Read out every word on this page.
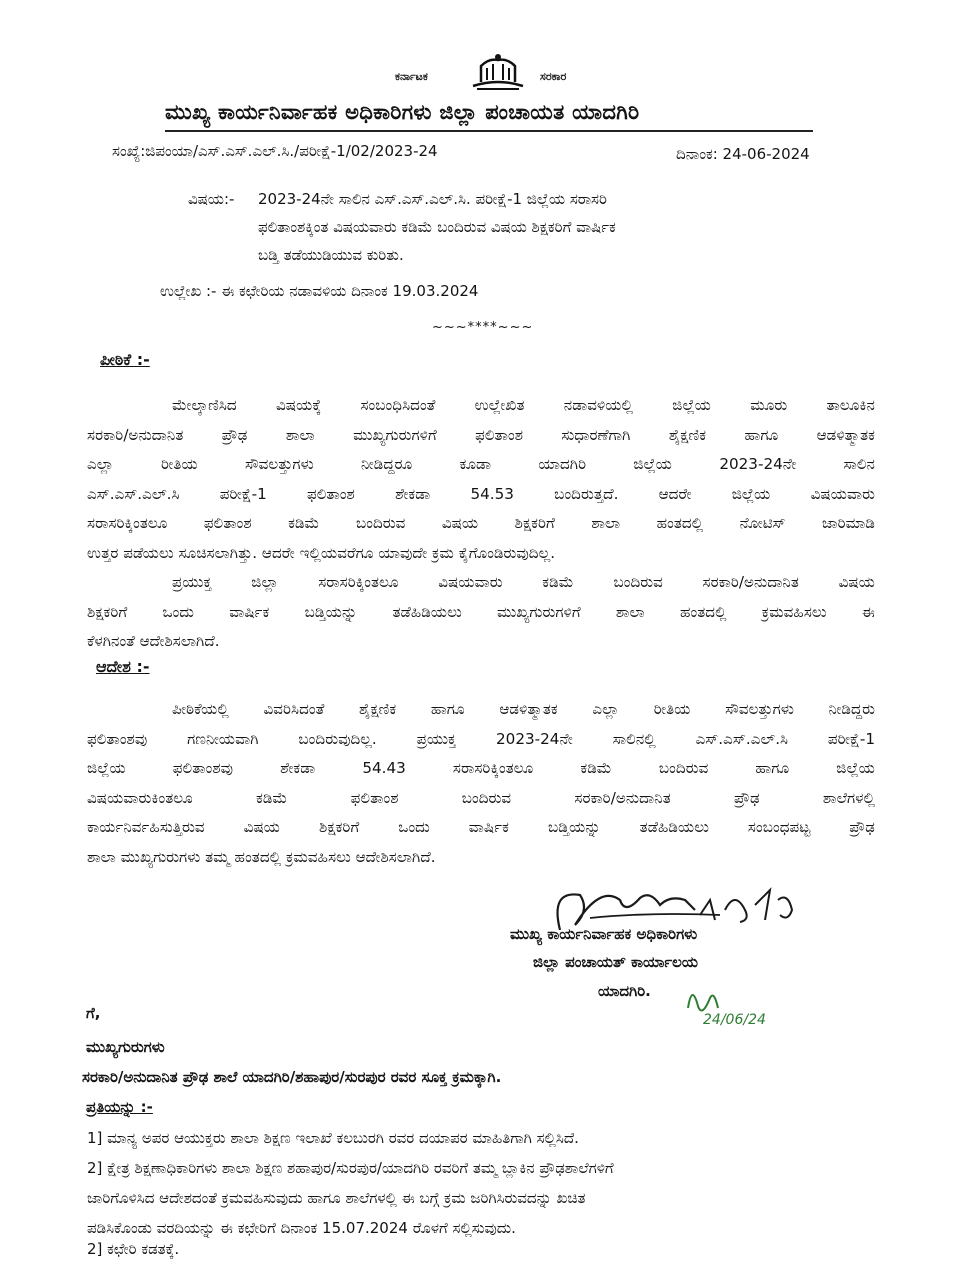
ಕರ್ನಾಟಕ	ಸರಕಾರ
ಮುಖ್ಯ ಕಾರ್ಯನಿರ್ವಾಹಕ ಅಧಿಕಾರಿಗಳು ಜಿಲ್ಲಾ ಪಂಚಾಯತ ಯಾದಗಿರಿ
ಸಂಖ್ಯೆ:ಜಿಪಂಯಾ/ಎಸ್.ಎಸ್.ಎಲ್.ಸಿ./ಪರೀಕ್ಷೆ-1/02/2023-24	ದಿನಾಂಕ: 24-06-2024
ವಿಷಯ:- 2023-24ನೇ ಸಾಲಿನ ಎಸ್.ಎಸ್.ಎಲ್.ಸಿ. ಪರೀಕ್ಷೆ-1 ಜಿಲ್ಲೆಯ ಸರಾಸರಿ
ಫಲಿತಾಂಶಕ್ಕಿಂತ ವಿಷಯವಾರು ಕಡಿಮೆ ಬಂದಿರುವ ವಿಷಯ ಶಿಕ್ಷಕರಿಗೆ ವಾರ್ಷಿಕ
ಬಡ್ತಿ ತಡೆಯುಡಿಯುವ ಕುರಿತು.
ಉಲ್ಲೇಖ :- ಈ ಕಛೇರಿಯ ನಡಾವಳಿಯ ದಿನಾಂಕ 19.03.2024
~~~****~~~
ಪೀಠಿಕೆ :-
ಮೇಲ್ಕಾಣಿಸಿದ ವಿಷಯಕ್ಕೆ ಸಂಬಂಧಿಸಿದಂತೆ ಉಲ್ಲೇಖಿತ ನಡಾವಳಿಯಲ್ಲಿ ಜಿಲ್ಲೆಯ ಮೂರು ತಾಲೂಕಿನ
ಸರಕಾರಿ/ಅನುದಾನಿತ ಪ್ರೌಢ ಶಾಲಾ ಮುಖ್ಯಗುರುಗಳಿಗೆ ಫಲಿತಾಂಶ ಸುಧಾರಣೆಗಾಗಿ ಶೈಕ್ಷಣಿಕ ಹಾಗೂ ಆಡಳಿತ್ಮಾತಕ
ಎಲ್ಲಾ ರೀತಿಯ ಸೌವಲತ್ತುಗಳು ನೀಡಿದ್ದರೂ ಕೂಡಾ ಯಾದಗಿರಿ ಜಿಲ್ಲೆಯ 2023-24ನೇ ಸಾಲಿನ
ಎಸ್.ಎಸ್.ಎಲ್.ಸಿ ಪರೀಕ್ಷೆ-1 ಫಲಿತಾಂಶ ಶೇಕಡಾ 54.53 ಬಂದಿರುತ್ತದೆ. ಆದರೇ ಜಿಲ್ಲೆಯ ವಿಷಯವಾರು
ಸರಾಸರಿಕ್ಕಿಂತಲೂ ಫಲಿತಾಂಶ ಕಡಿಮೆ ಬಂದಿರುವ ವಿಷಯ ಶಿಕ್ಷಕರಿಗೆ ಶಾಲಾ ಹಂತದಲ್ಲಿ ನೋಟಿಸ್ ಜಾರಿಮಾಡಿ
ಉತ್ತರ ಪಡೆಯಲು ಸೂಚಿಸಲಾಗಿತ್ತು. ಆದರೇ ಇಲ್ಲಿಯವರೆಗೂ ಯಾವುದೇ ಕ್ರಮ ಕೈಗೊಂಡಿರುವುದಿಲ್ಲ.
ಪ್ರಯುಕ್ತ ಜಿಲ್ಲಾ ಸರಾಸರಿಕ್ಕಿಂತಲೂ ವಿಷಯವಾರು ಕಡಿಮೆ ಬಂದಿರುವ ಸರಕಾರಿ/ಅನುದಾನಿತ ವಿಷಯ
ಶಿಕ್ಷಕರಿಗೆ ಒಂದು ವಾರ್ಷಿಕ ಬಡ್ತಿಯನ್ನು ತಡೆಹಿಡಿಯಲು ಮುಖ್ಯಗುರುಗಳಿಗೆ ಶಾಲಾ ಹಂತದಲ್ಲಿ ಕ್ರಮವಹಿಸಲು ಈ
ಕೆಳಗಿನಂತೆ ಆದೇಶಿಸಲಾಗಿದೆ.
ಆದೇಶ :-
ಪೀಠಿಕೆಯಲ್ಲಿ ವಿವರಿಸಿದಂತೆ ಶೈಕ್ಷಣಿಕ ಹಾಗೂ ಆಡಳಿತ್ಮಾತಕ ಎಲ್ಲಾ ರೀತಿಯ ಸೌವಲತ್ತುಗಳು ನೀಡಿದ್ದರು
ಫಲಿತಾಂಶವು ಗಣನೀಯವಾಗಿ ಬಂದಿರುವುದಿಲ್ಲ. ಪ್ರಯುಕ್ತ 2023-24ನೇ ಸಾಲಿನಲ್ಲಿ ಎಸ್.ಎಸ್.ಎಲ್.ಸಿ ಪರೀಕ್ಷೆ-1
ಜಿಲ್ಲೆಯ ಫಲಿತಾಂಶವು ಶೇಕಡಾ 54.43 ಸರಾಸರಿಕ್ಕಿಂತಲೂ ಕಡಿಮೆ ಬಂದಿರುವ ಹಾಗೂ ಜಿಲ್ಲೆಯ
ವಿಷಯವಾರುಕಿಂತಲೂ ಕಡಿಮೆ ಫಲಿತಾಂಶ ಬಂದಿರುವ ಸರಕಾರಿ/ಅನುದಾನಿತ ಪ್ರೌಢ ಶಾಲೆಗಳಲ್ಲಿ
ಕಾರ್ಯನಿರ್ವಹಿಸುತ್ತಿರುವ ವಿಷಯ ಶಿಕ್ಷಕರಿಗೆ ಒಂದು ವಾರ್ಷಿಕ ಬಡ್ತಿಯನ್ನು ತಡೆಹಿಡಿಯಲು ಸಂಬಂಧಪಟ್ಟ ಪ್ರೌಢ
ಶಾಲಾ ಮುಖ್ಯಗುರುಗಳು ತಮ್ಮ ಹಂತದಲ್ಲಿ ಕ್ರಮವಹಿಸಲು ಆದೇಶಿಸಲಾಗಿದೆ.
ಮುಖ್ಯ ಕಾರ್ಯನಿರ್ವಾಹಕ ಅಧಿಕಾರಿಗಳು
ಜಿಲ್ಲಾ ಪಂಚಾಯತ್ ಕಾರ್ಯಾಲಯ
ಯಾದಗಿರಿ.
24/06/24
ಗೆ,
ಮುಖ್ಯಗುರುಗಳು
ಸರಕಾರಿ/ಅನುದಾನಿತ ಪ್ರೌಢ ಶಾಲೆ ಯಾದಗಿರಿ/ಶಹಾಪುರ/ಸುರಪುರ ರವರ ಸೂಕ್ತ ಕ್ರಮಕ್ಕಾಗಿ.
ಪ್ರತಿಯನ್ನು :-
1] ಮಾನ್ಯ ಅಪರ ಆಯುಕ್ತರು ಶಾಲಾ ಶಿಕ್ಷಣ ಇಲಾಖೆ ಕಲಬುರಗಿ ರವರ ದಯಾಪರ ಮಾಹಿತಿಗಾಗಿ ಸಲ್ಲಿಸಿದೆ.
2] ಕ್ಷೇತ್ರ ಶಿಕ್ಷಣಾಧಿಕಾರಿಗಳು ಶಾಲಾ ಶಿಕ್ಷಣ ಶಹಾಪುರ/ಸುರಪುರ/ಯಾದಗಿರಿ ರವರಿಗೆ ತಮ್ಮ ಬ್ಲಾಕಿನ ಪ್ರೌಢಶಾಲೆಗಳಿಗೆ
ಜಾರಿಗೊಳಿಸಿದ ಆದೇಶದಂತೆ ಕ್ರಮವಹಿಸುವುದು ಹಾಗೂ ಶಾಲೆಗಳಲ್ಲಿ ಈ ಬಗ್ಗೆ ಕ್ರಮ ಜರಿಗಿಸಿರುವದನ್ನು ಖಚಿತ
ಪಡಿಸಿಕೊಂಡು ವರದಿಯನ್ನು ಈ ಕಛೇರಿಗೆ ದಿನಾಂಕ 15.07.2024 ರೊಳಗೆ ಸಲ್ಲಿಸುವುದು.
2] ಕಛೇರಿ ಕಡತಕ್ಕೆ.
